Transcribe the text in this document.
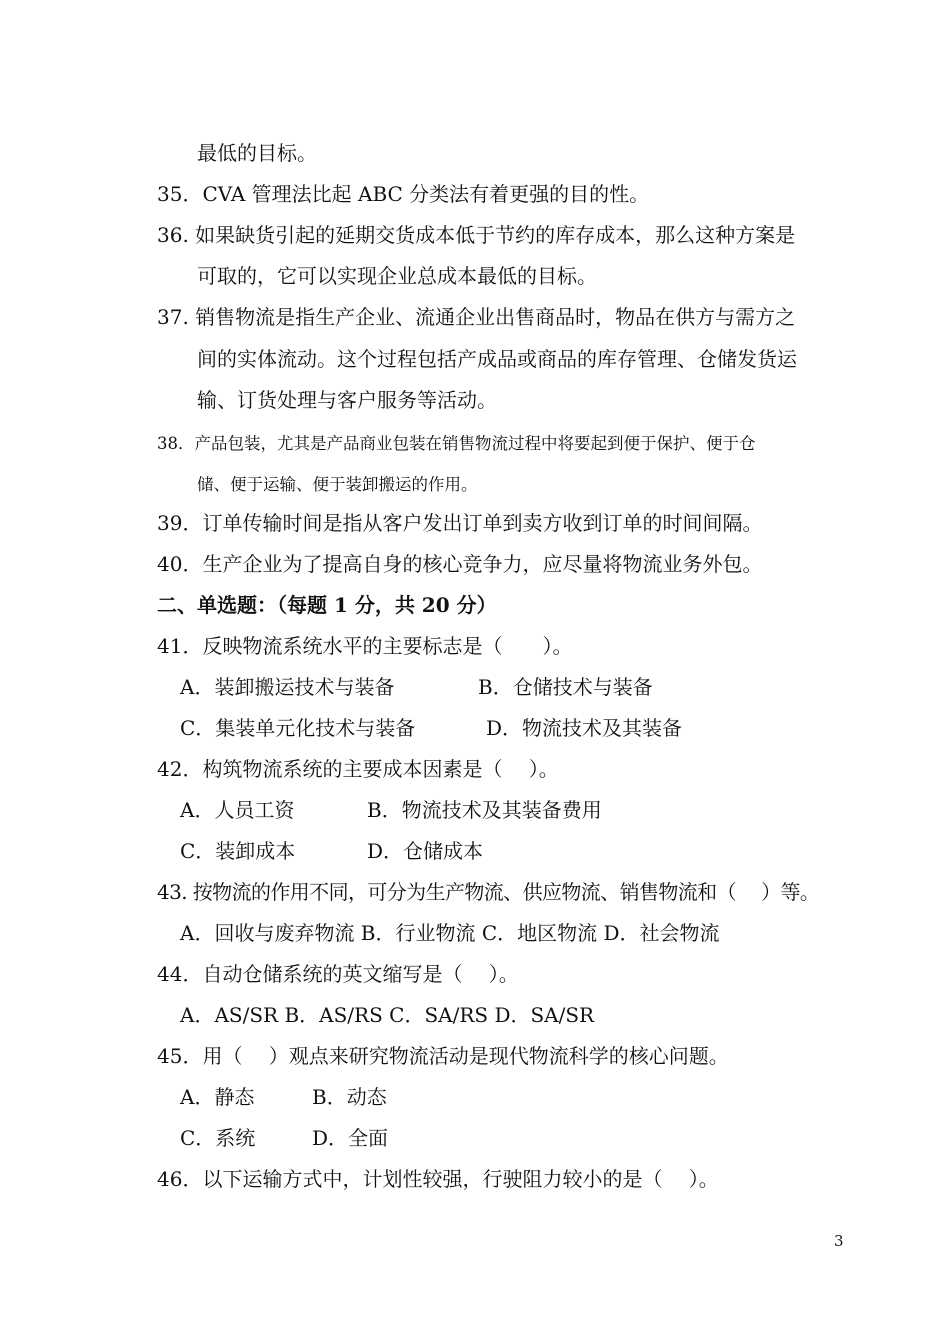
最低的目标。
35．CVA 管理法比起 ABC 分类法有着更强的目的性。
36. 如果缺货引起的延期交货成本低于节约的库存成本，那么这种方案是
可取的，它可以实现企业总成本最低的目标。
37. 销售物流是指生产企业、流通企业出售商品时，物品在供方与需方之
间的实体流动。这个过程包括产成品或商品的库存管理、仓储发货运
输、订货处理与客户服务等活动。
38．产品包装，尤其是产品商业包装在销售物流过程中将要起到便于保护、便于仓
储、便于运输、便于装卸搬运的作用。
39．订单传输时间是指从客户发出订单到卖方收到订单的时间间隔。
40．生产企业为了提高自身的核心竞争力，应尽量将物流业务外包。
二、单选题：（每题 1 分，共 20 分）
41．反映物流系统水平的主要标志是（　　）。
A．装卸搬运技术与装备	B．仓储技术与装备
C．集装单元化技术与装备	D．物流技术及其装备
42．构筑物流系统的主要成本因素是（　 ）。
A．人员工资	B．物流技术及其装备费用
C．装卸成本	D．仓储成本
43. 按物流的作用不同，可分为生产物流、供应物流、销售物流和（　 ）等。
A．回收与废弃物流 B．行业物流 C．地区物流 D．社会物流
44．自动仓储系统的英文缩写是（　 ）。
A．AS/SR B．AS/RS C．SA/RS D．SA/SR
45．用（　 ）观点来研究物流活动是现代物流科学的核心问题。
A．静态	B．动态
C．系统	D．全面
46．以下运输方式中，计划性较强，行驶阻力较小的是（　 ）。
3
